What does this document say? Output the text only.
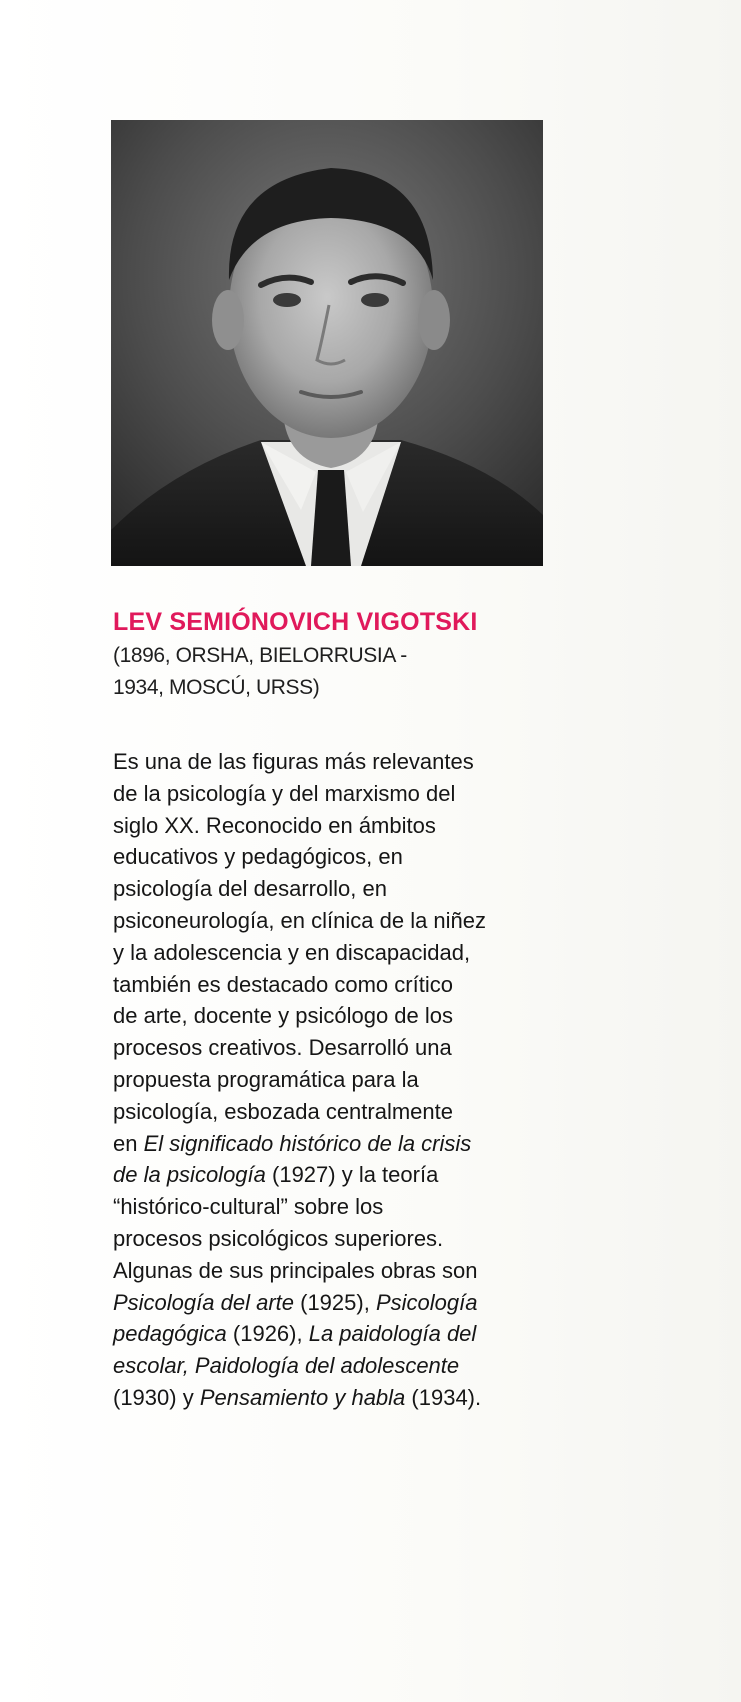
LEV SEMIÓNOVICH VIGOTSKI
(1896, ORSHA, BIELORRUSIA -
1934, MOSCÚ, URSS)
Es una de las figuras más relevantes
de la psicología y del marxismo del
siglo XX. Reconocido en ámbitos
educativos y pedagógicos, en
psicología del desarrollo, en
psiconeurología, en clínica de la niñez
y la adolescencia y en discapacidad,
también es destacado como crítico
de arte, docente y psicólogo de los
procesos creativos. Desarrolló una
propuesta programática para la
psicología, esbozada centralmente
en El significado histórico de la crisis
de la psicología (1927) y la teoría
“histórico-cultural” sobre los
procesos psicológicos superiores.
Algunas de sus principales obras son
Psicología del arte (1925), Psicología
pedagógica (1926), La paidología del
escolar, Paidología del adolescente
(1930) y Pensamiento y habla (1934).
